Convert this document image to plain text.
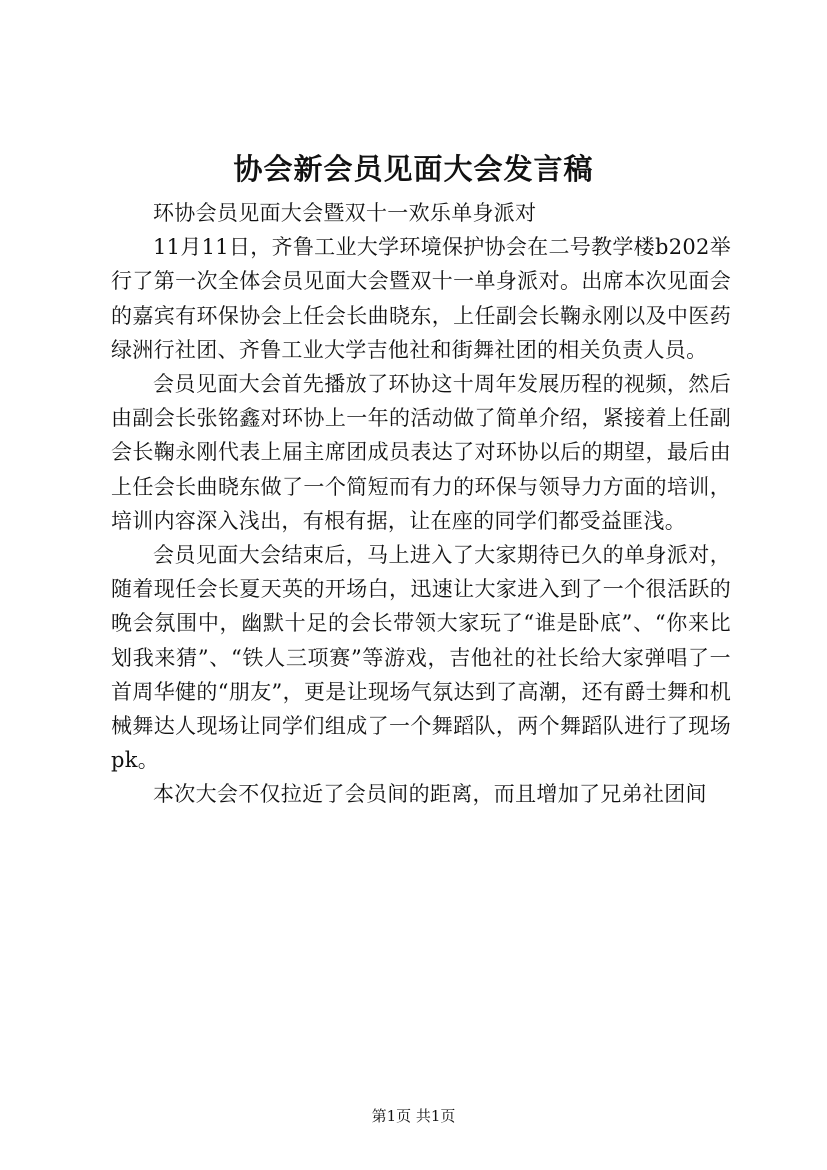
协会新会员见面大会发言稿

环协会员见面大会暨双十一欢乐单身派对

11月11日，齐鲁工业大学环境保护协会在二号教学楼b202举行了第一次全体会员见面大会暨双十一单身派对。出席本次见面会的嘉宾有环保协会上任会长曲晓东，上任副会长鞠永刚以及中医药绿洲行社团、齐鲁工业大学吉他社和街舞社团的相关负责人员。

会员见面大会首先播放了环协这十周年发展历程的视频，然后由副会长张铭鑫对环协上一年的活动做了简单介绍，紧接着上任副会长鞠永刚代表上届主席团成员表达了对环协以后的期望，最后由上任会长曲晓东做了一个简短而有力的环保与领导力方面的培训，培训内容深入浅出，有根有据，让在座的同学们都受益匪浅。

会员见面大会结束后，马上进入了大家期待已久的单身派对，随着现任会长夏天英的开场白，迅速让大家进入到了一个很活跃的晚会氛围中，幽默十足的会长带领大家玩了“谁是卧底”、“你来比划我来猜”、“铁人三项赛”等游戏，吉他社的社长给大家弹唱了一首周华健的“朋友”，更是让现场气氛达到了高潮，还有爵士舞和机械舞达人现场让同学们组成了一个舞蹈队，两个舞蹈队进行了现场pk。

本次大会不仅拉近了会员间的距离，而且增加了兄弟社团间

第1页 共1页
